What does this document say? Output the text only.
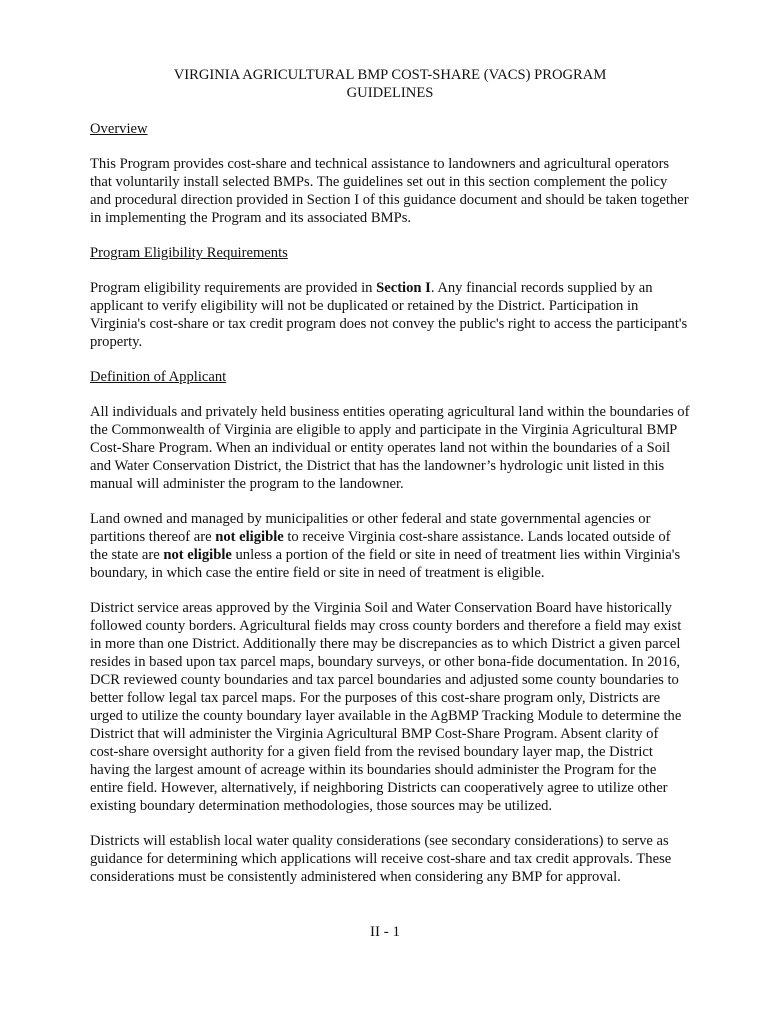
VIRGINIA AGRICULTURAL BMP COST-SHARE (VACS) PROGRAM
GUIDELINES
Overview

This Program provides cost-share and technical assistance to landowners and agricultural operators that voluntarily install selected BMPs. The guidelines set out in this section complement the policy and procedural direction provided in Section I of this guidance document and should be taken together in implementing the Program and its associated BMPs.

Program Eligibility Requirements

Program eligibility requirements are provided in Section I. Any financial records supplied by an applicant to verify eligibility will not be duplicated or retained by the District. Participation in Virginia's cost-share or tax credit program does not convey the public's right to access the participant's property.

Definition of Applicant

All individuals and privately held business entities operating agricultural land within the boundaries of the Commonwealth of Virginia are eligible to apply and participate in the Virginia Agricultural BMP Cost-Share Program. When an individual or entity operates land not within the boundaries of a Soil and Water Conservation District, the District that has the landowner’s hydrologic unit listed in this manual will administer the program to the landowner.

Land owned and managed by municipalities or other federal and state governmental agencies or partitions thereof are not eligible to receive Virginia cost-share assistance. Lands located outside of the state are not eligible unless a portion of the field or site in need of treatment lies within Virginia's boundary, in which case the entire field or site in need of treatment is eligible.

District service areas approved by the Virginia Soil and Water Conservation Board have historically followed county borders. Agricultural fields may cross county borders and therefore a field may exist in more than one District. Additionally there may be discrepancies as to which District a given parcel resides in based upon tax parcel maps, boundary surveys, or other bona-fide documentation. In 2016, DCR reviewed county boundaries and tax parcel boundaries and adjusted some county boundaries to better follow legal tax parcel maps. For the purposes of this cost-share program only, Districts are urged to utilize the county boundary layer available in the AgBMP Tracking Module to determine the District that will administer the Virginia Agricultural BMP Cost-Share Program. Absent clarity of cost-share oversight authority for a given field from the revised boundary layer map, the District having the largest amount of acreage within its boundaries should administer the Program for the entire field. However, alternatively, if neighboring Districts can cooperatively agree to utilize other existing boundary determination methodologies, those sources may be utilized.

Districts will establish local water quality considerations (see secondary considerations) to serve as guidance for determining which applications will receive cost-share and tax credit approvals. These considerations must be consistently administered when considering any BMP for approval.

II - 1
